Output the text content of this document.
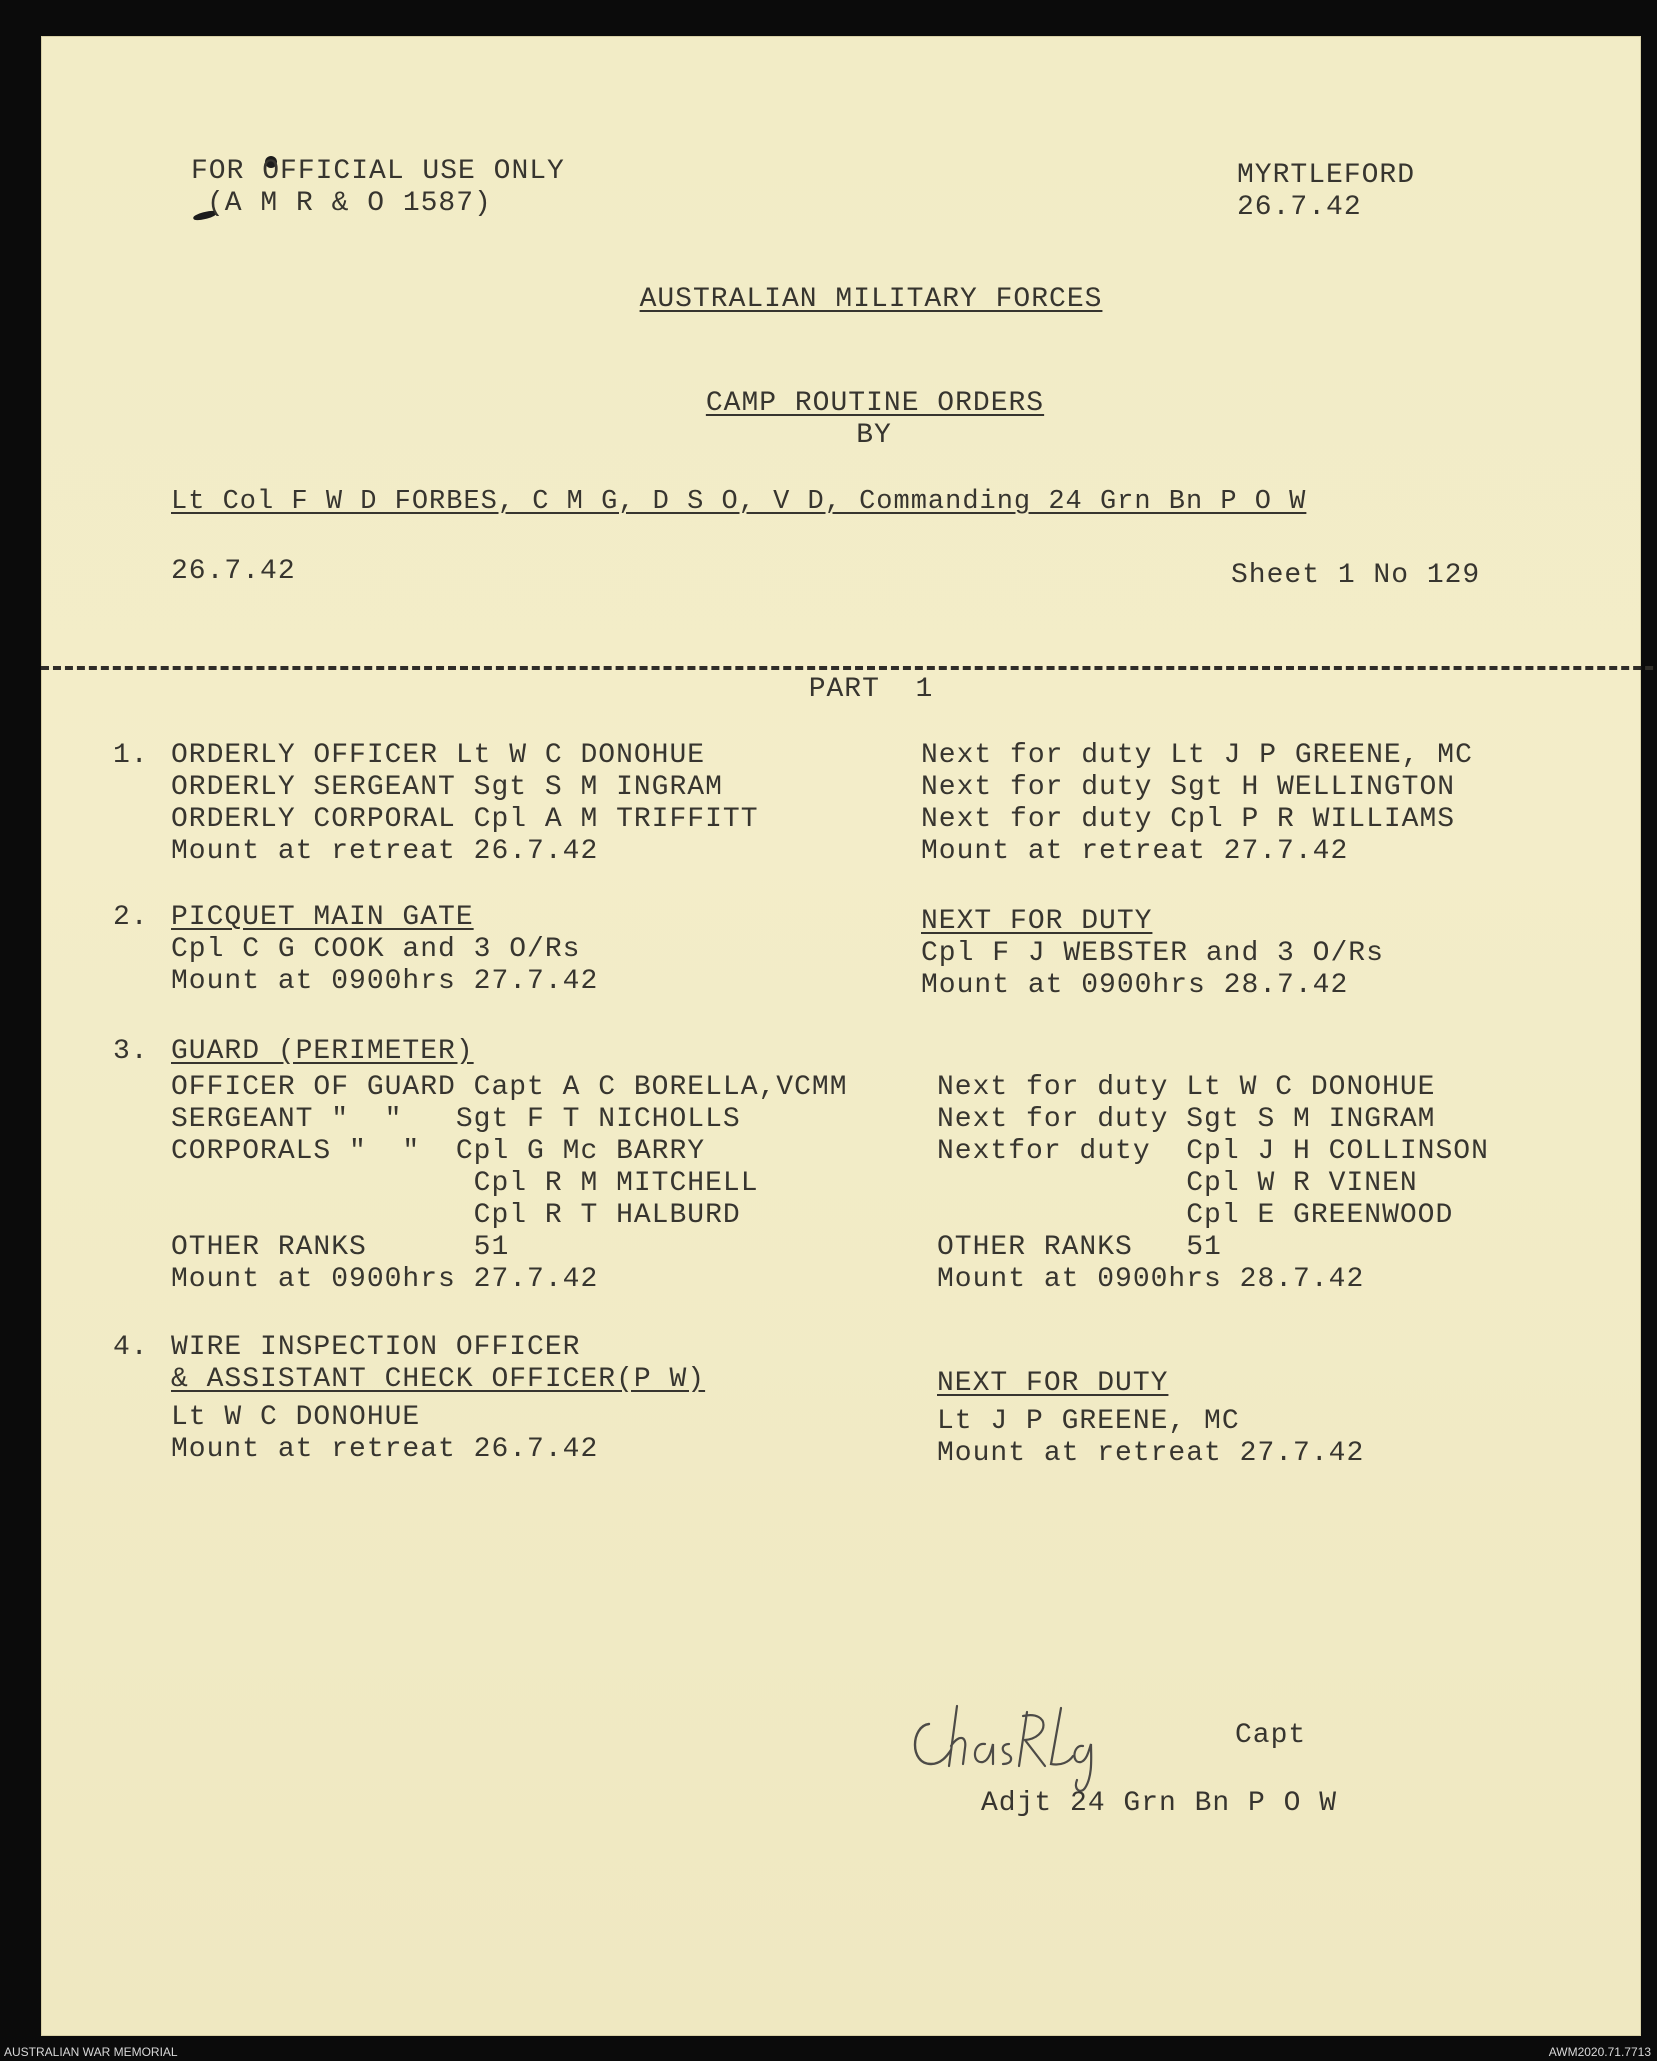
FOR OFFICIAL USE ONLY
(A M R & O 1587)
MYRTLEFORD
26.7.42
AUSTRALIAN MILITARY FORCES
CAMP ROUTINE ORDERS
BY
Lt Col F W D FORBES, C M G, D S O, V D, Commanding 24 Grn Bn P O W
26.7.42	Sheet 1 No 129
PART  1
1. ORDERLY OFFICER Lt W C DONOHUE
ORDERLY SERGEANT Sgt S M INGRAM
ORDERLY CORPORAL Cpl A M TRIFFITT
Mount at retreat 26.7.42
Next for duty Lt J P GREENE, MC
Next for duty Sgt H WELLINGTON
Next for duty Cpl P R WILLIAMS
Mount at retreat 27.7.42
2. PICQUET MAIN GATE
Cpl C G COOK and 3 O/Rs
Mount at 0900hrs 27.7.42
NEXT FOR DUTY
Cpl F J WEBSTER and 3 O/Rs
Mount at 0900hrs 28.7.42
3. GUARD (PERIMETER)
OFFICER OF GUARD Capt A C BORELLA,VCMM
SERGEANT "  "   Sgt F T NICHOLLS
CORPORALS "  "  Cpl G Mc BARRY
Cpl R M MITCHELL
Cpl R T HALBURD
OTHER RANKS      51
Mount at 0900hrs 27.7.42
Next for duty Lt W C DONOHUE
Next for duty Sgt S M INGRAM
Nextfor duty  Cpl J H COLLINSON
Cpl W R VINEN
Cpl E GREENWOOD
OTHER RANKS   51
Mount at 0900hrs 28.7.42
4. WIRE INSPECTION OFFICER
& ASSISTANT CHECK OFFICER(P W)
Lt W C DONOHUE
Mount at retreat 26.7.42
NEXT FOR DUTY
Lt J P GREENE, MC
Mount at retreat 27.7.42
Capt
Adjt 24 Grn Bn P O W
AUSTRALIAN WAR MEMORIAL	AWM2020.71.7713
